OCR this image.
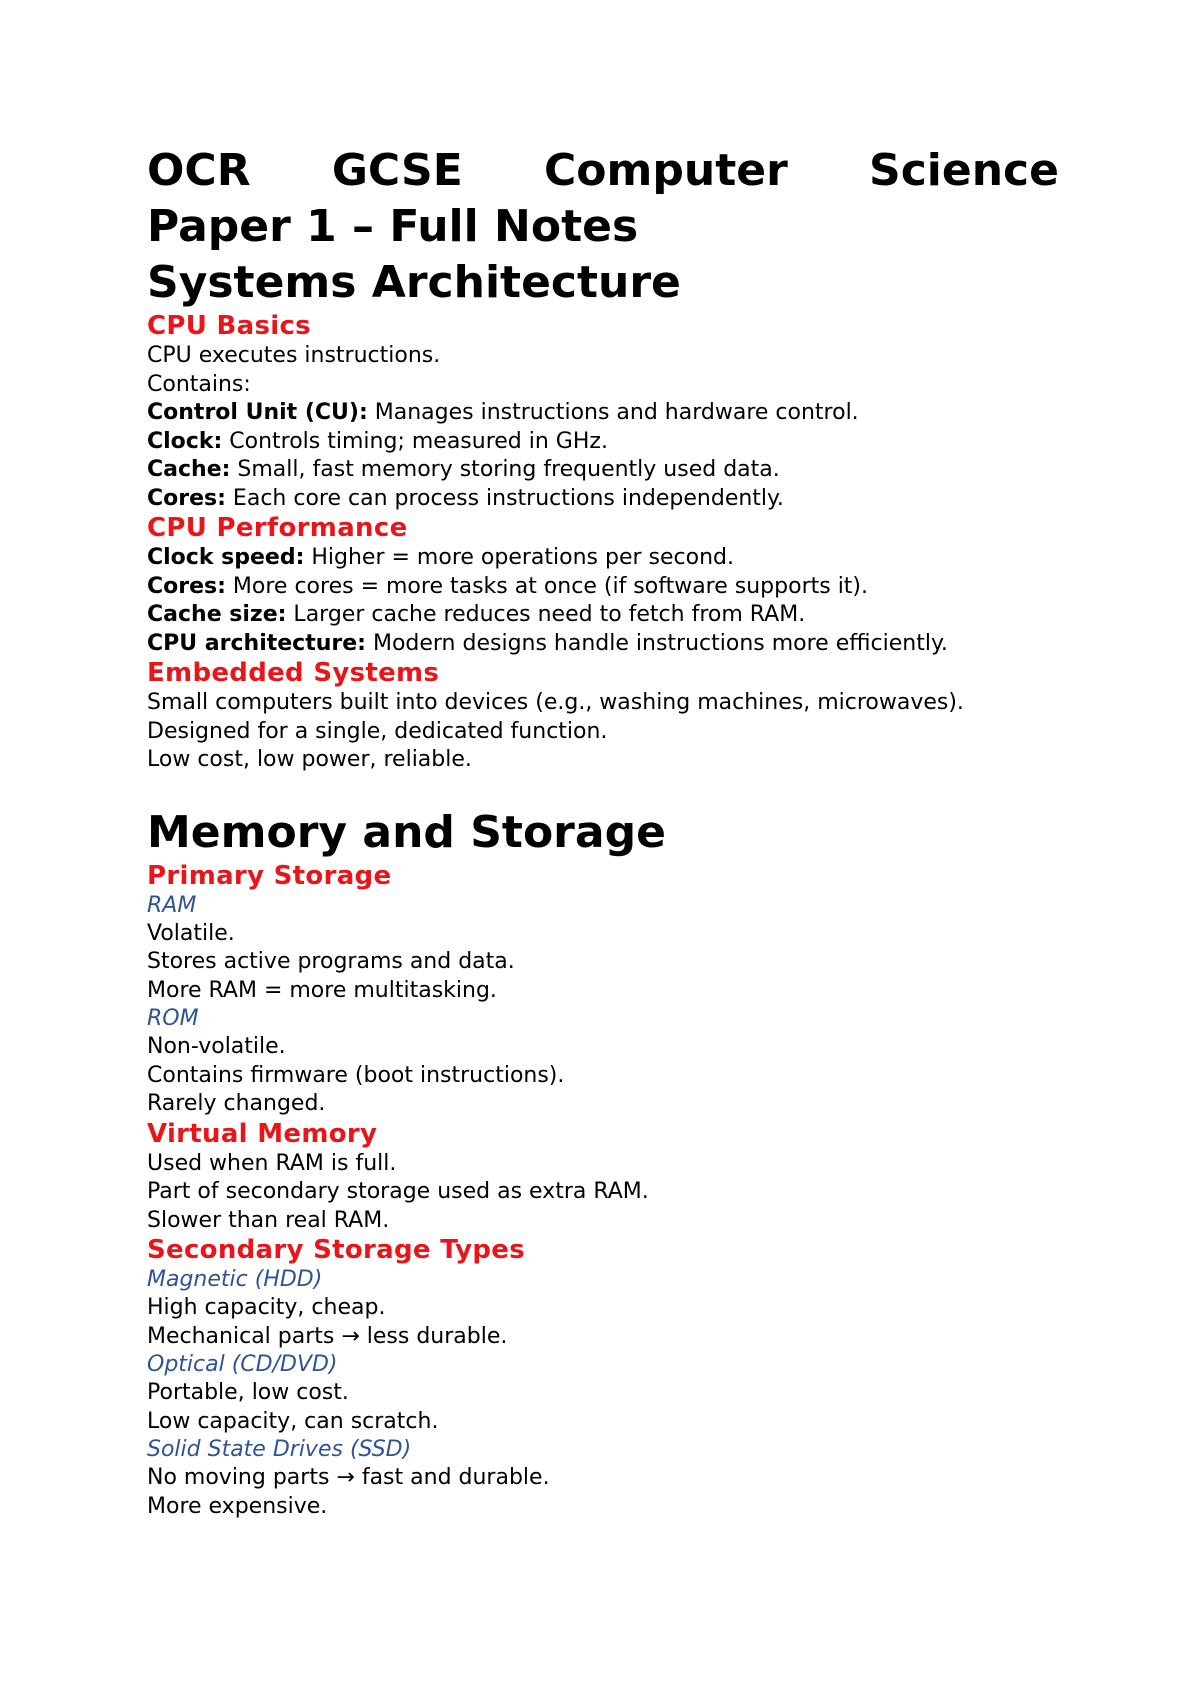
OCR GCSE Computer Science
Paper 1 – Full Notes
Systems Architecture
CPU Basics
CPU executes instructions.
Contains:
Control Unit (CU): Manages instructions and hardware control.
Clock: Controls timing; measured in GHz.
Cache: Small, fast memory storing frequently used data.
Cores: Each core can process instructions independently.
CPU Performance
Clock speed: Higher = more operations per second.
Cores: More cores = more tasks at once (if software supports it).
Cache size: Larger cache reduces need to fetch from RAM.
CPU architecture: Modern designs handle instructions more efficiently.
Embedded Systems
Small computers built into devices (e.g., washing machines, microwaves).
Designed for a single, dedicated function.
Low cost, low power, reliable.
Memory and Storage
Primary Storage
RAM
Volatile.
Stores active programs and data.
More RAM = more multitasking.
ROM
Non-volatile.
Contains firmware (boot instructions).
Rarely changed.
Virtual Memory
Used when RAM is full.
Part of secondary storage used as extra RAM.
Slower than real RAM.
Secondary Storage Types
Magnetic (HDD)
High capacity, cheap.
Mechanical parts → less durable.
Optical (CD/DVD)
Portable, low cost.
Low capacity, can scratch.
Solid State Drives (SSD)
No moving parts → fast and durable.
More expensive.
